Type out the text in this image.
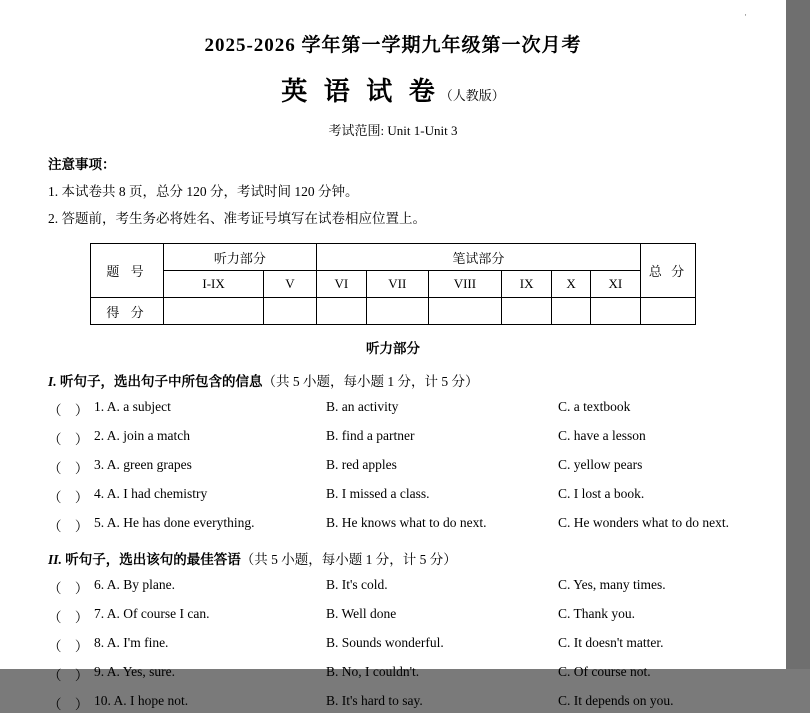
·
2025-2026 学年第一学期九年级第一次月考
英 语 试 卷（人教版）
考试范围: Unit 1-Unit 3
注意事项：
1. 本试卷共 8 页，总分 120 分，考试时间 120 分钟。
2. 答题前，考生务必将姓名、准考证号填写在试卷相应位置上。
题 号	听力部分		笔试部分						总 分
	I-IX	V	VI	VII	VIII	IX	X	XI	
得 分									
听力部分
I. 听句子，选出句子中所包含的信息（共 5 小题，每小题 1 分，计 5 分）
（ ） 1. A. a subject	B. an activity	C. a textbook
（ ） 2. A. join a match	B. find a partner	C. have a lesson
（ ） 3. A. green grapes	B. red apples	C. yellow pears
（ ） 4. A. I had chemistry	B. I missed a class.	C. I lost a book.
（ ） 5. A. He has done everything.	B. He knows what to do next.	C. He wonders what to do next.
II. 听句子，选出该句的最佳答语（共 5 小题，每小题 1 分，计 5 分）
（ ） 6. A. By plane.	B. It's cold.	C. Yes, many times.
（ ） 7. A. Of course I can.	B. Well done	C. Thank you.
（ ） 8. A. I'm fine.	B. Sounds wonderful.	C. It doesn't matter.
（ ） 9. A. Yes, sure.	B. No, I couldn't.	C. Of course not.
（ ） 10. A. I hope not.	B. It's hard to say.	C. It depends on you.
